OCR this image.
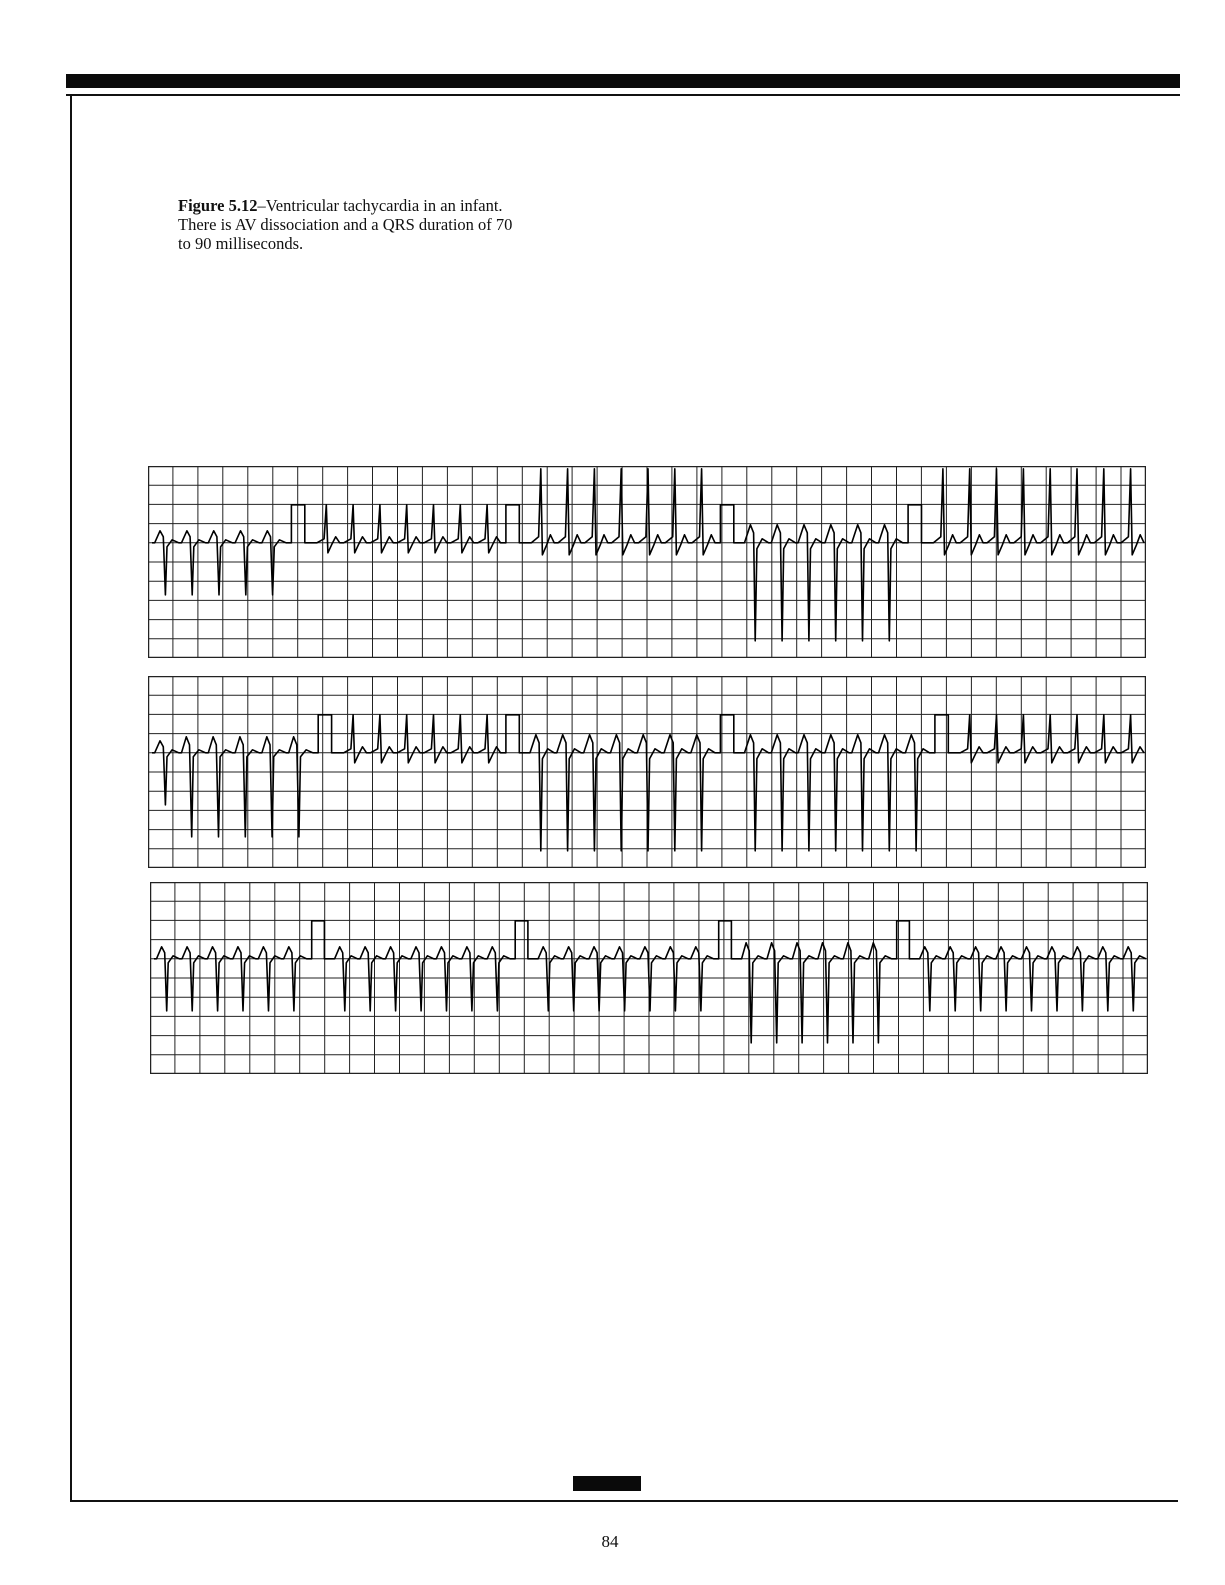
Figure 5.12–Ventricular tachycardia in an infant.

There is AV dissociation and a QRS duration of 70

to 90 milliseconds.

84
